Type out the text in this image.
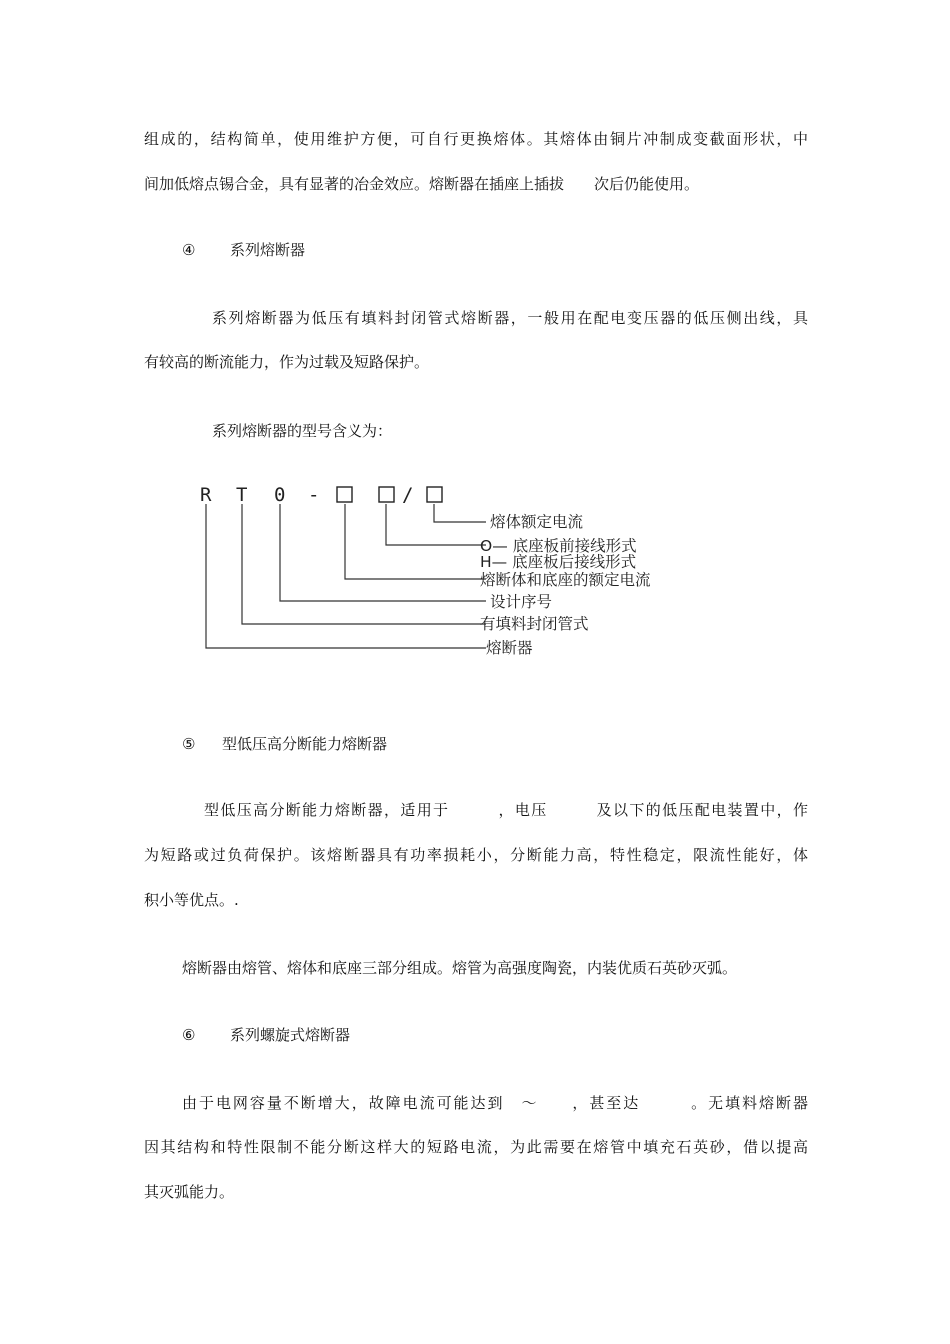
组成的，结构简单，使用维护方便，可自行更换熔体。其熔体由铜片冲制成变截面形状，中
间加低熔点锡合金，具有显著的冶金效应。熔断器在插座上插拔　　次后仍能使用。
④ 系列熔断器
系列熔断器为低压有填料封闭管式熔断器，一般用在配电变压器的低压侧出线，具
有较高的断流能力，作为过载及短路保护。
系列熔断器的型号含义为：
R T 0 -	/
熔体额定电流
O— 底座板前接线形式
H— 底座板后接线形式
熔断体和底座的额定电流
设计序号
有填料封闭管式
熔断器
⑤ 型低压高分断能力熔断器
型低压高分断能力熔断器，适用于　　　，电压　　　及以下的低压配电装置中，作
为短路或过负荷保护。该熔断器具有功率损耗小，分断能力高，特性稳定，限流性能好，体
积小等优点。.
熔断器由熔管、熔体和底座三部分组成。熔管为高强度陶瓷，内装优质石英砂灭弧。
⑥ 系列螺旋式熔断器
由于电网容量不断增大，故障电流可能达到　～　　，甚至达　　　。无填料熔断器
因其结构和特性限制不能分断这样大的短路电流，为此需要在熔管中填充石英砂，借以提高
其灭弧能力。
